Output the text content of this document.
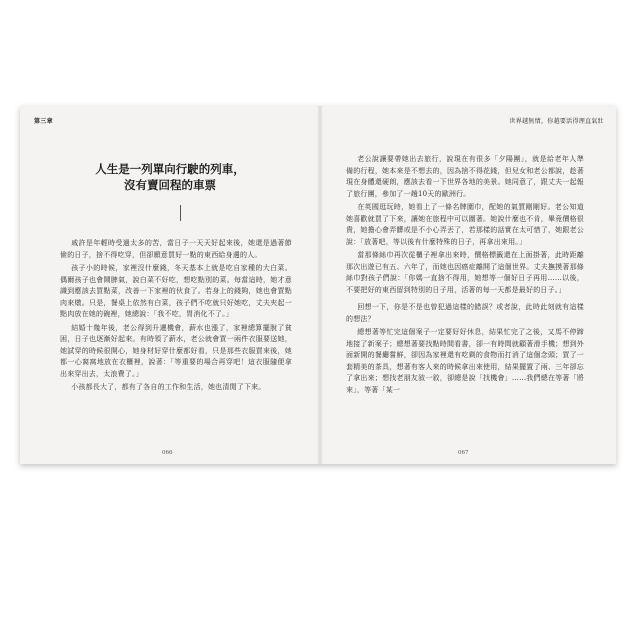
第三章
人生是一列單向行駛的列車，
沒有賣回程的車票

戚許是年輕時受過太多的苦，當日子一天天好起來後，她還是過著節儉的日子，捨不得吃穿，但卻願意買好一點的東西給身邊的人。

孩子小的時候，家裡沒什麼錢，冬天基本上就是吃自家種的大白菜。偶爾孩子也會鬧脾氣，說白菜不好吃，想吃點別的菜。每當這時，她才意識到應該去買點菜，改善一下家裡的伙食了。若身上的錢夠，她也會買點肉來燉。只是，餐桌上依然有白菜，孩子們不吃就只好她吃，丈夫夾起一點肉放在她的碗裡，她總說：「我不吃，胃消化不了。」

結婚十幾年後，老公得到升遷機會，薪水也漲了，家裡總算擺脫了貧困，日子也逐漸好起來。有時領了薪水，老公就會買一兩件衣服要送她，她試穿的時候很開心，她身材好穿什麼都好看，只是那些衣服買來後，她都一心窩窩地放在衣櫃裡，說著：「等重要的場合再穿吧！這衣服隨便拿出來穿出去，太浪費了。」

小孩都長大了，都有了各自的工作和生活，她也清閒了下來。

066
世界越無情，你越要活得理直氣壯

老公說讓要帶她出去旅行，說現在有很多「夕陽團」，就是給老年人準備的行程，她本來是不想去的，因為捨不得花錢，但兒女和老公都說，趁著現在身體還硬朗，應該去看一下世界各地的美景。她同意了，跟丈夫一起報了旅行團，參加了一趟10天的歐洲行。

在英國逛玩時，她看上了一條名牌圍巾，配她的氣質剛剛好。老公知道她喜歡就買了下來，讓她在旅程中可以圍著。她說什麼也不肯，畢竟價格很貴，她擔心會弄髒或是不小心弄丟了，若那樣的話實在太可惜了，她跟老公說：「放著吧，等以後有什麼特殊的日子，再拿出來用。」

當那條絲巾再次從櫃子裡拿出來時，價格標籤還在上面掛著，此時距離那次出遊已有五、六年了，而她也因癌症離開了這個世界。丈夫撫摸著那條絲巾對孩子們說：「你媽一直捨不得用，她想等一個好日子再用……以後，不要把好的東西留到特別的日子用，活著的每一天都是最好的日子。」

回想一下，你是不是也曾犯過這樣的錯誤？或者說，此時此刻就有這樣的想法？

總想著等忙完這個案子一定要好好休息，結果忙完了之後，又馬不停蹄地接了新案子；總想著要找點時間看書，卻一有時間就顧著滑手機；想到外面新開的餐廳嘗鮮，卻因為家裡還有吃剩的食物而打消了這個念頭；買了一套精美的茶具，想著有客人來的時候拿出來使用，結果擺置了兩、三年卻忘了拿出來；想找老朋友敘一敘，卻總是說「找機會」……我們總在等著「將來」，等著「某一

067
